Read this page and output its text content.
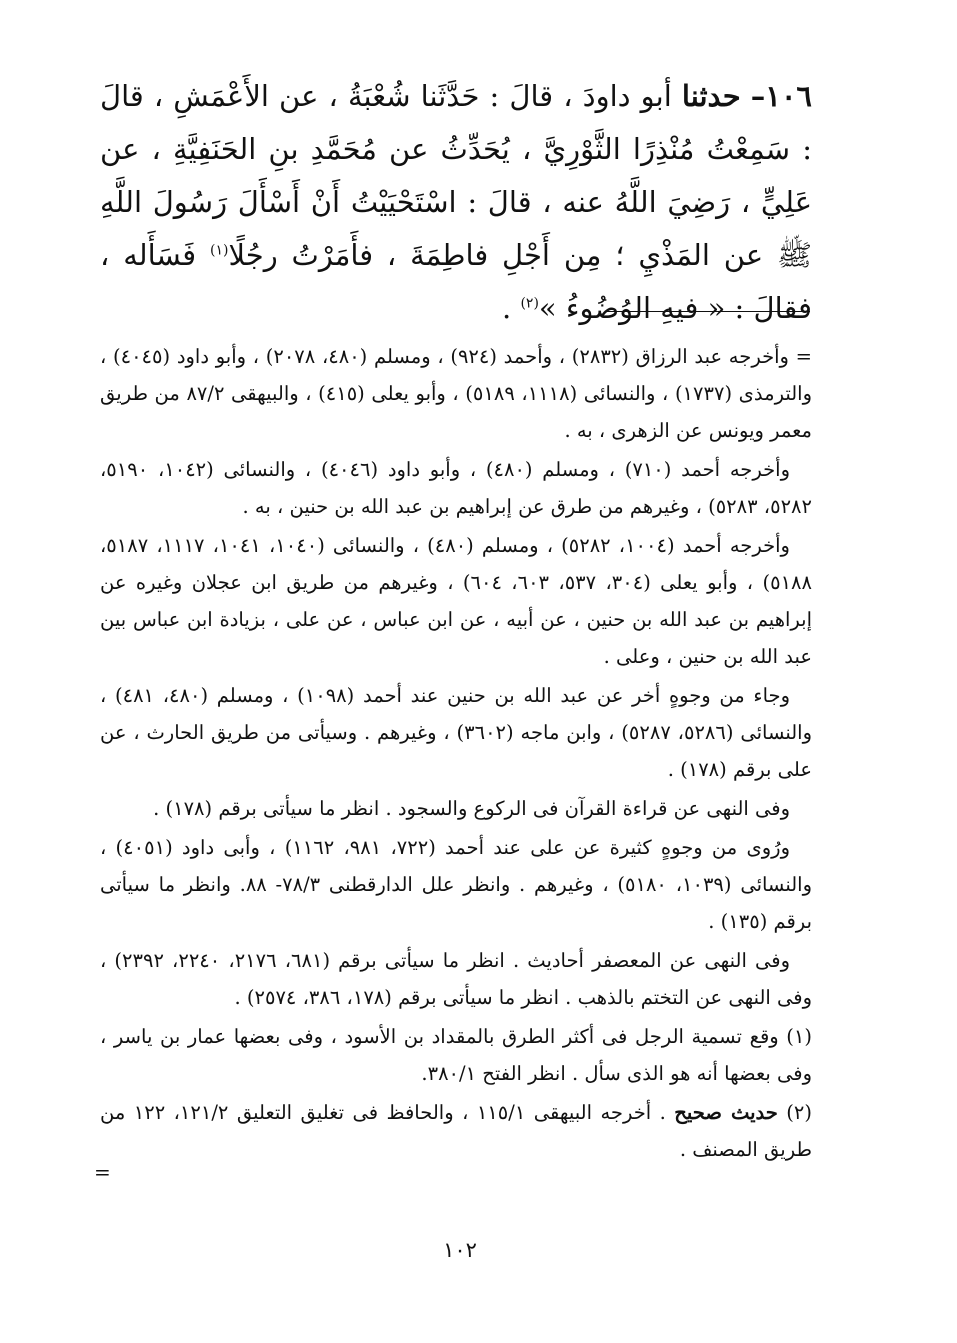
١٠٦– حدثنا أبو داودَ ، قالَ : حَدَّثَنا شُعْبَةُ ، عن الأَعْمَشِ ، قالَ : سَمِعْتُ مُنْذِرًا الثَّوْرِيَّ ، يُحَدِّثُ عن مُحَمَّدِ بنِ الحَنَفِيَّةِ ، عن عَلِيٍّ ، رَضِيَ اللَّهُ عنه ، قالَ : اسْتَحْيَيْتُ أَنْ أَسْأَلَ رَسُولَ اللَّهِ ﷺ عن المَذْيِ ؛ مِن أَجْلِ فاطِمَةَ ، فأَمَرْتُ رجُلًا$^{(١)}$ فَسَأَله ، فقالَ : « فيهِ الوُضُوءُ »$^{(٢)}$ .

= وأخرجه عبد الرزاق (٢٨٣٢) ، وأحمد (٩٢٤) ، ومسلم (٤٨٠، ٢٠٧٨) ، وأبو داود (٤٠٤٥) ، والترمذى (١٧٣٧) ، والنسائى (١١١٨، ٥١٨٩) ، وأبو يعلى (٤١٥) ، والبيهقى ٨٧/٢ من طريق معمر ويونس عن الزهرى ، به .

وأخرجه أحمد (٧١٠) ، ومسلم (٤٨٠) ، وأبو داود (٤٠٤٦) ، والنسائى (١٠٤٢، ٥١٩٠، ٥٢٨٢، ٥٢٨٣) ، وغيرهم من طرق عن إبراهيم بن عبد الله بن حنين ، به .

وأخرجه أحمد (١٠٠٤، ٥٢٨٢) ، ومسلم (٤٨٠) ، والنسائى (١٠٤٠، ١٠٤١، ١١١٧، ٥١٨٧، ٥١٨٨) ، وأبو يعلى (٣٠٤، ٥٣٧، ٦٠٣، ٦٠٤) ، وغيرهم من طريق ابن عجلان وغيره عن إبراهيم بن عبد الله بن حنين ، عن أبيه ، عن ابن عباس ، عن على ، بزيادة ابن عباس بين عبد الله بن حنين ، وعلى .

وجاء من وجوهٍ أخر عن عبد الله بن حنين عند أحمد (١٠٩٨) ، ومسلم (٤٨٠، ٤٨١) ، والنسائى (٥٢٨٦، ٥٢٨٧) ، وابن ماجه (٣٦٠٢) ، وغيرهم . وسيأتى من طريق الحارث ، عن على برقم (١٧٨) .

وفى النهى عن قراءة القرآن فى الركوع والسجود . انظر ما سيأتى برقم (١٧٨) .

ورُوى من وجوهٍ كثيرة عن على عند أحمد (٧٢٢، ٩٨١، ١١٦٢) ، وأبى داود (٤٠٥١) ، والنسائى (١٠٣٩، ٥١٨٠) ، وغيرهم . وانظر علل الدارقطنى ٧٨/٣- ٨٨. وانظر ما سيأتى برقم (١٣٥) .

وفى النهى عن المعصفر أحاديث . انظر ما سيأتى برقم (٦٨١، ٢١٧٦، ٢٢٤٠، ٢٣٩٢) ، وفى النهى عن التختم بالذهب . انظر ما سيأتى برقم (١٧٨، ٣٨٦، ٢٥٧٤) .

(١) وقع تسمية الرجل فى أكثر الطرق بالمقداد بن الأسود ، وفى بعضها عمار بن ياسر ، وفى بعضها أنه هو الذى سأل . انظر الفتح ٣٨٠/١.

(٢) حديث صحيح . أخرجه البيهقى ١١٥/١ ، والحافظ فى تغليق التعليق ١٢١/٢، ١٢٢ من طريق المصنف .

=
١٠٢
